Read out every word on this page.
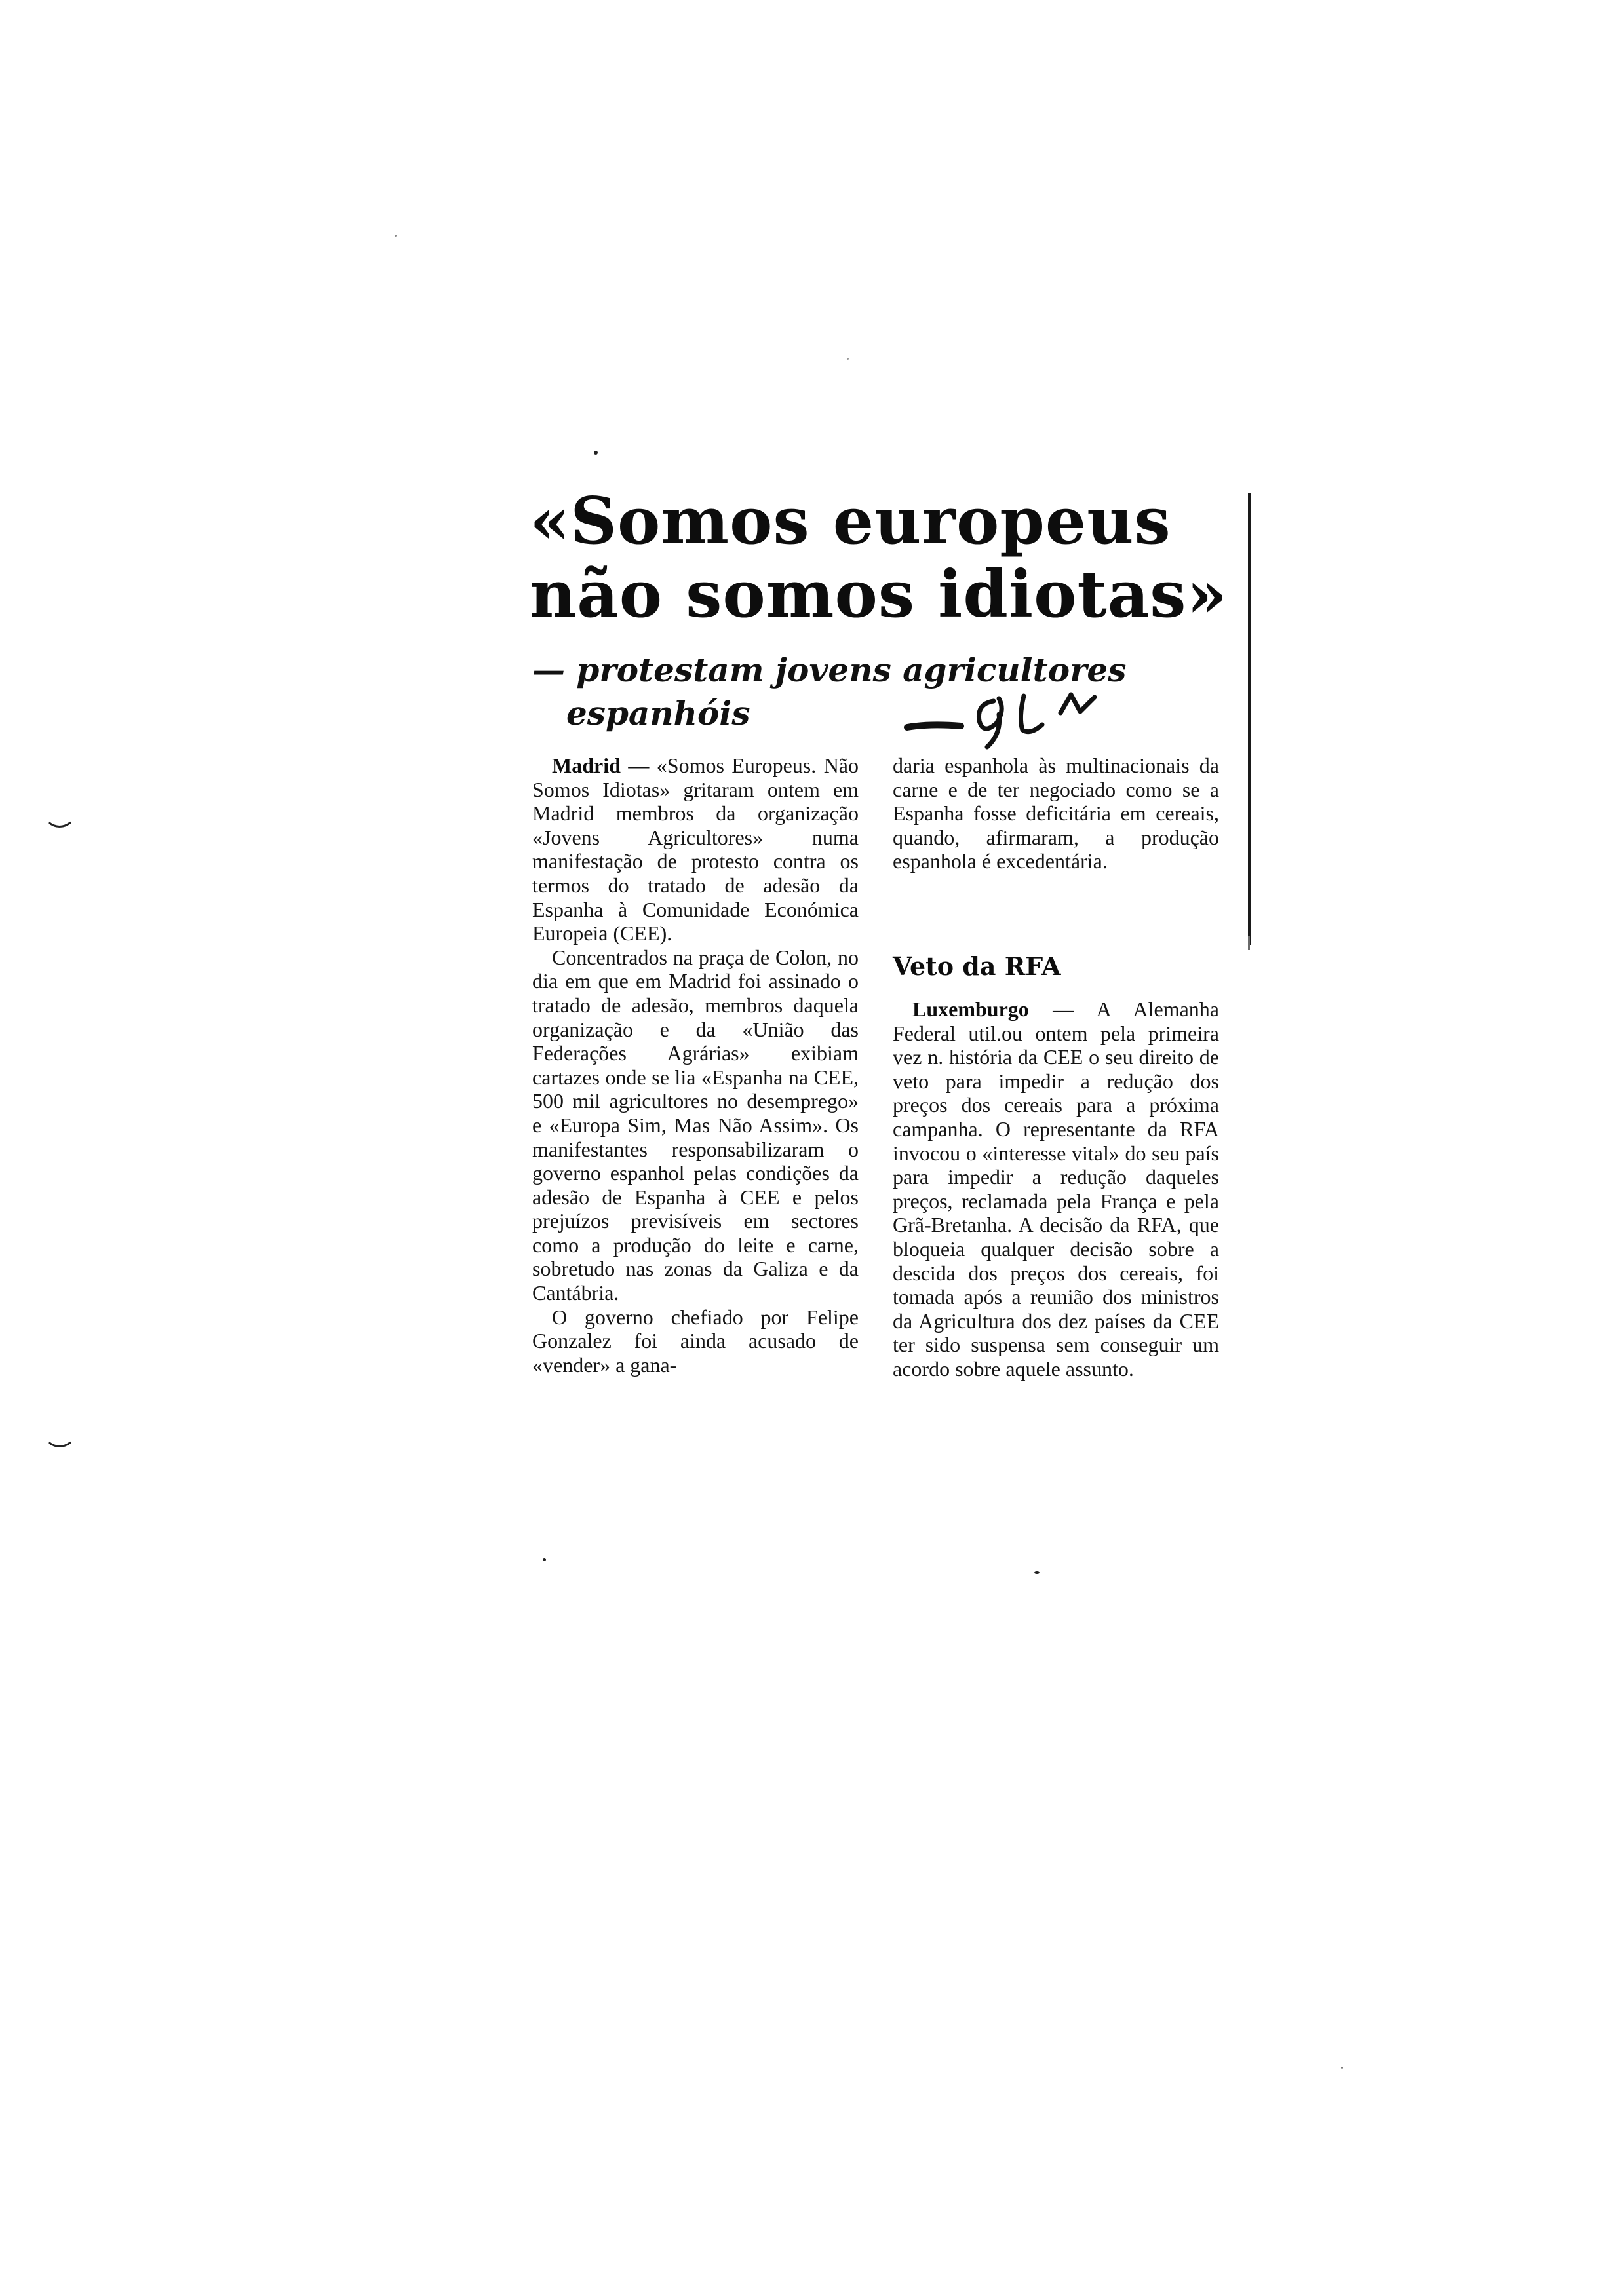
«Somos europeus
não somos idiotas»
— protestam jovens agricultores
espanhóis

Madrid — «Somos Europeus. Não Somos Idiotas» gritaram ontem em Madrid membros da organização «Jovens Agricultores» numa manifestação de protesto contra os termos do tratado de adesão da Espanha à Comunidade Económica Europeia (CEE).

Concentrados na praça de Colon, no dia em que em Madrid foi assinado o tratado de adesão, membros daquela organização e da «União das Federações Agrárias» exibiam cartazes onde se lia «Espanha na CEE, 500 mil agricultores no desemprego» e «Europa Sim, Mas Não Assim». Os manifestantes responsabilizaram o governo espanhol pelas condições da adesão de Espanha à CEE e pelos prejuízos previsíveis em sectores como a produção do leite e carne, sobretudo nas zonas da Galiza e da Cantábria.

O governo chefiado por Felipe Gonzalez foi ainda acusado de «vender» a gana-

daria espanhola às multinacionais da carne e de ter negociado como se a Espanha fosse deficitária em cereais, quando, afirmaram, a produção espanhola é excedentária.

Veto da RFA

Luxemburgo — A Alemanha Federal util.ou ontem pela primeira vez n. história da CEE o seu direito de veto para impedir a redução dos preços dos cereais para a próxima campanha. O representante da RFA invocou o «interesse vital» do seu país para impedir a redução daqueles preços, reclamada pela França e pela Grã-Bretanha. A decisão da RFA, que bloqueia qualquer decisão sobre a descida dos preços dos cereais, foi tomada após a reunião dos ministros da Agricultura dos dez países da CEE ter sido suspensa sem conseguir um acordo sobre aquele assunto.
